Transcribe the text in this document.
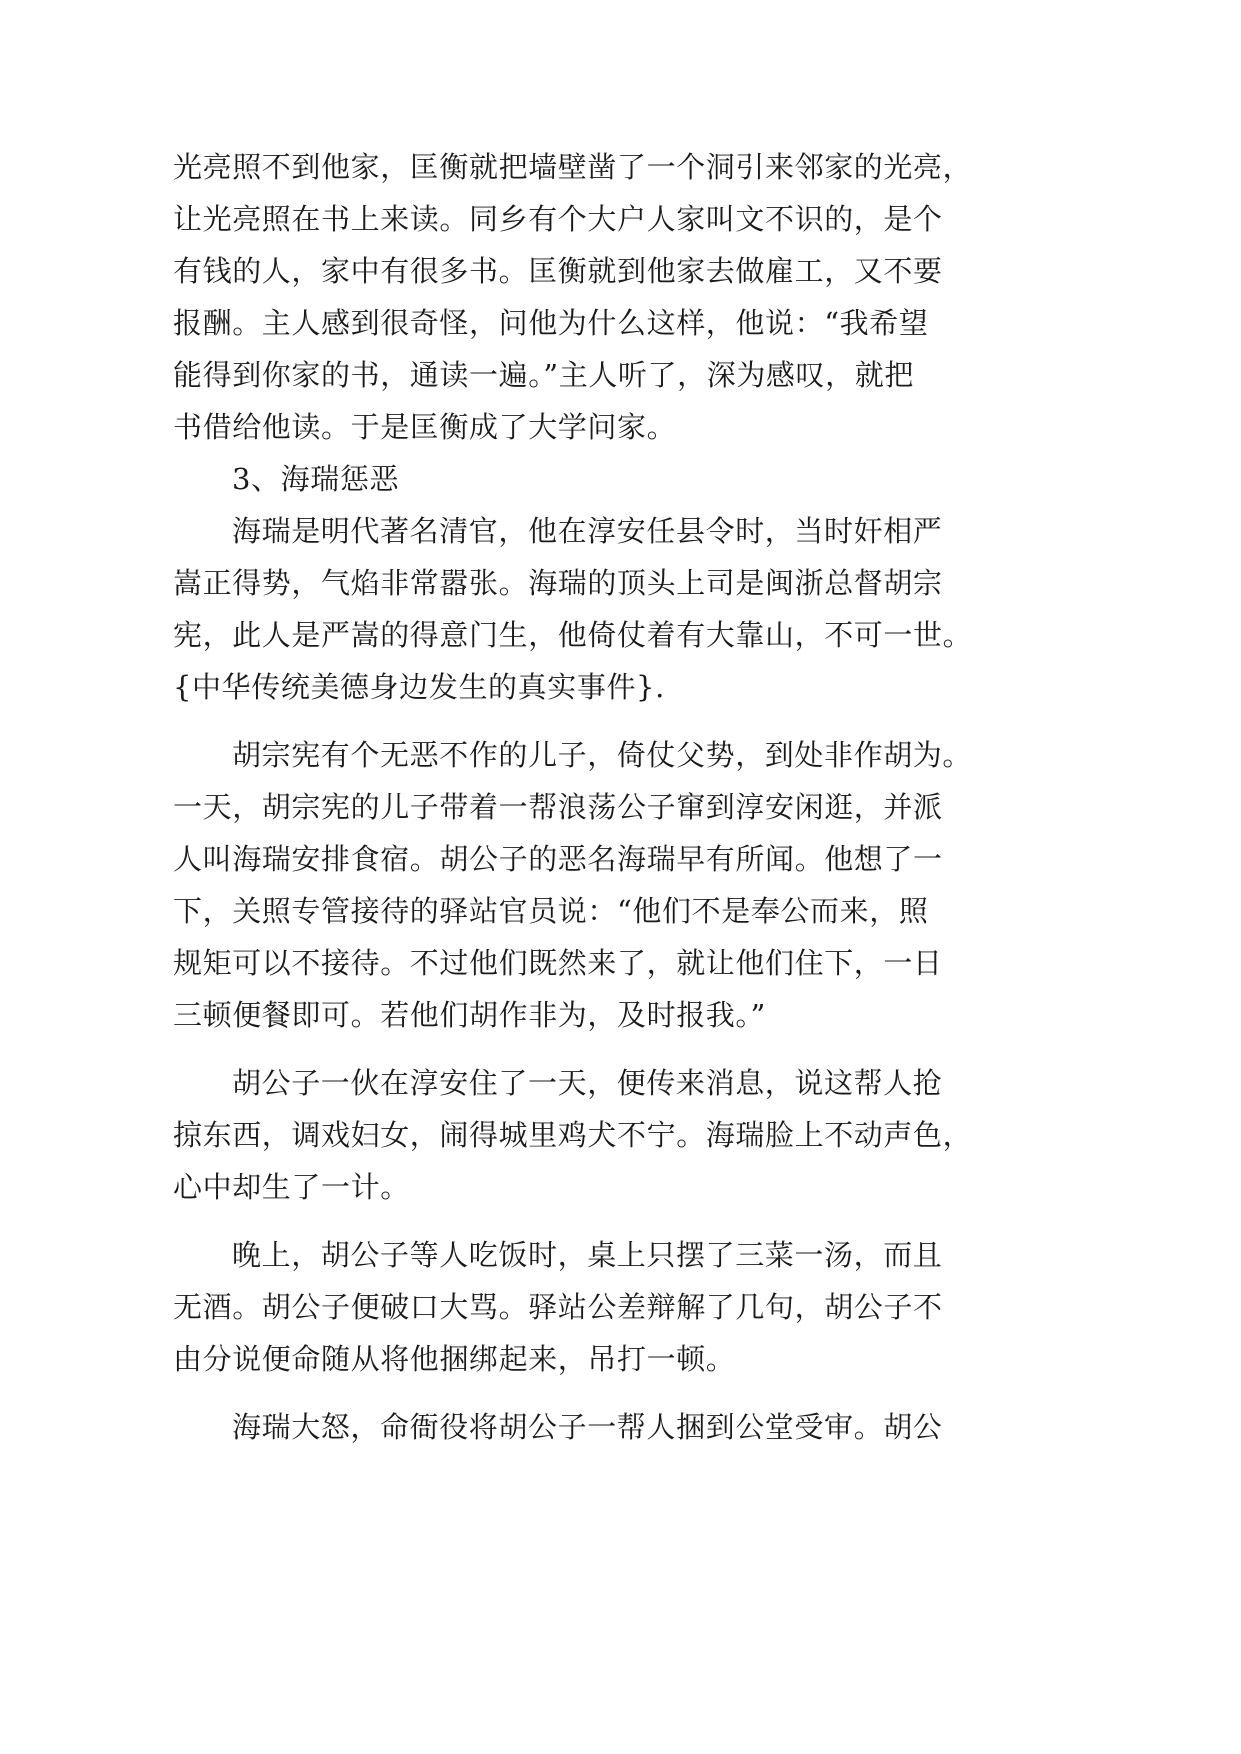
光亮照不到他家，匡衡就把墙壁凿了一个洞引来邻家的光亮，
让光亮照在书上来读。同乡有个大户人家叫文不识的，是个
有钱的人，家中有很多书。匡衡就到他家去做雇工，又不要
报酬。主人感到很奇怪，问他为什么这样，他说：“我希望
能得到你家的书，通读一遍。”主人听了，深为感叹，就把
书借给他读。于是匡衡成了大学问家。
3、海瑞惩恶
海瑞是明代著名清官，他在淳安任县令时，当时奸相严
嵩正得势，气焰非常嚣张。海瑞的顶头上司是闽浙总督胡宗
宪，此人是严嵩的得意门生，他倚仗着有大靠山，不可一世。
{中华传统美德身边发生的真实事件}.
胡宗宪有个无恶不作的儿子，倚仗父势，到处非作胡为。
一天，胡宗宪的儿子带着一帮浪荡公子窜到淳安闲逛，并派
人叫海瑞安排食宿。胡公子的恶名海瑞早有所闻。他想了一
下，关照专管接待的驿站官员说：“他们不是奉公而来，照
规矩可以不接待。不过他们既然来了，就让他们住下，一日
三顿便餐即可。若他们胡作非为，及时报我。”
胡公子一伙在淳安住了一天，便传来消息，说这帮人抢
掠东西，调戏妇女，闹得城里鸡犬不宁。海瑞脸上不动声色，
心中却生了一计。
晚上，胡公子等人吃饭时，桌上只摆了三菜一汤，而且
无酒。胡公子便破口大骂。驿站公差辩解了几句，胡公子不
由分说便命随从将他捆绑起来，吊打一顿。
海瑞大怒，命衙役将胡公子一帮人捆到公堂受审。胡公
